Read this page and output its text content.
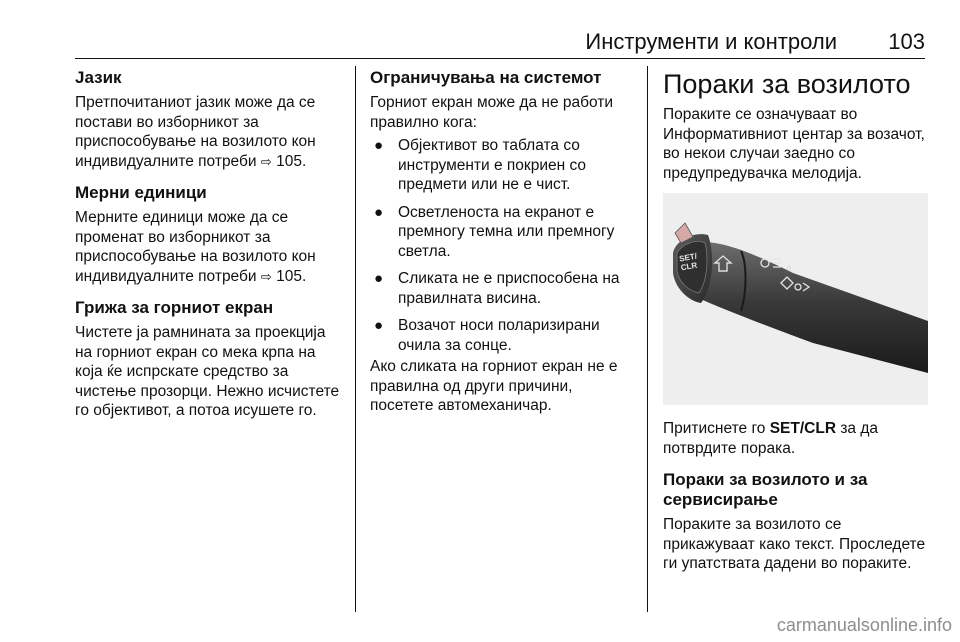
Инструменти и контроли 103
Јазик

Претпочитаниот јазик може да се постави во изборникот за приспособување на возилото кон индивидуалните потреби ⇨ 105.

Мерни единици

Мерните единици може да се променат во изборникот за приспособување на возилото кон индивидуалните потреби ⇨ 105.

Грижа за горниот екран

Чистете ја рамнината за проекција на горниот екран со мека крпа на која ќе испрскате средство за чистење прозорци. Нежно исчистете го објективот, а потоа исушете го.

Ограничувања на системот

Горниот екран може да не работи правилно кога:

● Објективот во таблата со инструменти е покриен со предмети или не е чист.
● Осветленоста на екранот е премногу темна или премногу светла.
● Сликата не е приспособена на правилната висина.
● Возачот носи поларизирани очила за сонце.

Ако сликата на горниот екран не е правилна од други причини, посетете автомеханичар.

Пораки за возилото

Пораките се означуваат во Информативниот центар за возачот, во некои случаи заедно со предупредувачка мелодија.

0
SET/
CLR

Притиснете го SET/CLR за да потврдите порака.

Пораки за возилото и за сервисирање

Пораките за возилото се прикажуваат како текст. Проследете ги упатствата дадени во пораките.

carmanualsonline.info
